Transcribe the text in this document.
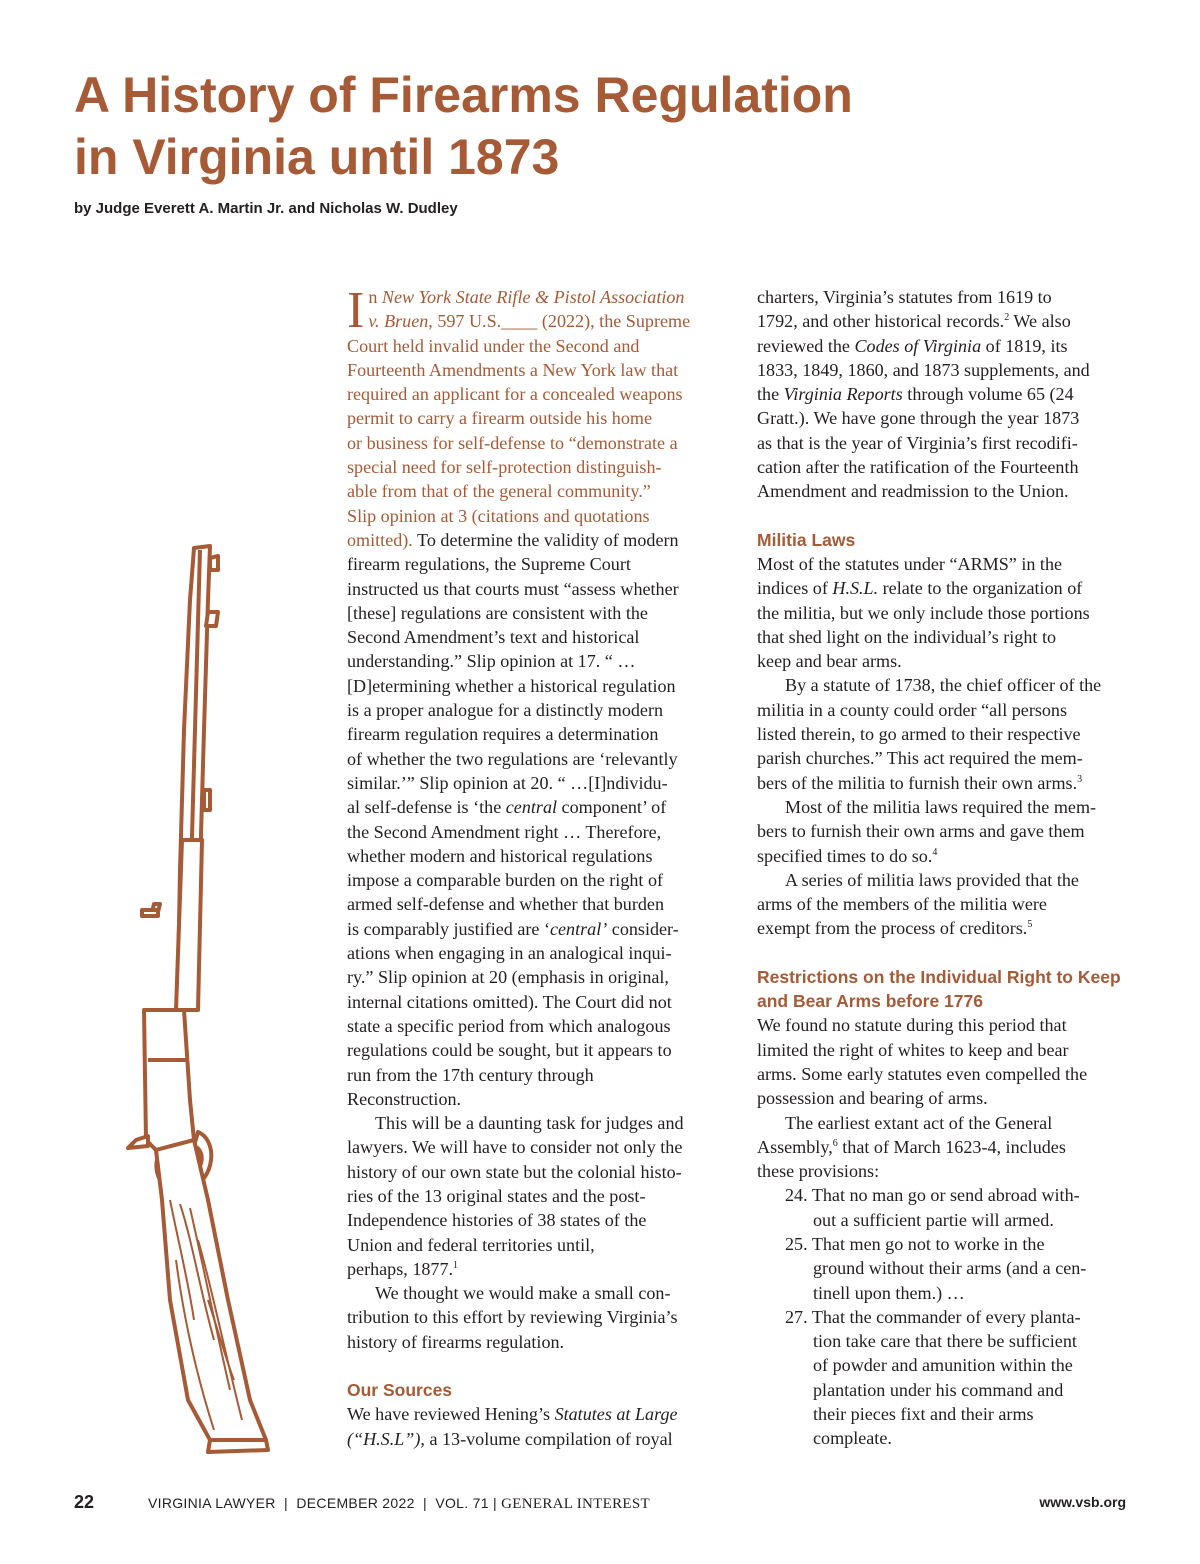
A History of Firearms Regulation
in Virginia until 1873
by Judge Everett A. Martin Jr. and Nicholas W. Dudley

I n New York State Rifle & Pistol Association
v. Bruen, 597 U.S.____ (2022), the Supreme
Court held invalid under the Second and
Fourteenth Amendments a New York law that
required an applicant for a concealed weapons
permit to carry a firearm outside his home
or business for self-defense to “demonstrate a
special need for self-protection distinguish-
able from that of the general community.”
Slip opinion at 3 (citations and quotations
omitted). To determine the validity of modern
firearm regulations, the Supreme Court
instructed us that courts must “assess whether
[these] regulations are consistent with the
Second Amendment’s text and historical
understanding.” Slip opinion at 17. “ …
[D]etermining whether a historical regulation
is a proper analogue for a distinctly modern
firearm regulation requires a determination
of whether the two regulations are ‘relevantly
similar.’” Slip opinion at 20. “ …[I]ndividu-
al self-defense is ‘the central component’ of
the Second Amendment right … Therefore,
whether modern and historical regulations
impose a comparable burden on the right of
armed self-defense and whether that burden
is comparably justified are ‘central’ consider-
ations when engaging in an analogical inqui-
ry.” Slip opinion at 20 (emphasis in original,
internal citations omitted). The Court did not
state a specific period from which analogous
regulations could be sought, but it appears to
run from the 17th century through
Reconstruction.

This will be a daunting task for judges and
lawyers. We will have to consider not only the
history of our own state but the colonial histo-
ries of the 13 original states and the post-
Independence histories of 38 states of the
Union and federal territories until,
perhaps, 1877.$^1$

We thought we would make a small con-
tribution to this effort by reviewing Virginia’s
history of firearms regulation.

Our Sources

We have reviewed Hening’s Statutes at Large
(“H.S.L”), a 13-volume compilation of royal

charters, Virginia’s statutes from 1619 to
1792, and other historical records.$^2$ We also
reviewed the Codes of Virginia of 1819, its
1833, 1849, 1860, and 1873 supplements, and
the Virginia Reports through volume 65 (24
Gratt.). We have gone through the year 1873
as that is the year of Virginia’s first recodifi-
cation after the ratification of the Fourteenth
Amendment and readmission to the Union.

Militia Laws

Most of the statutes under “ARMS” in the
indices of H.S.L. relate to the organization of
the militia, but we only include those portions
that shed light on the individual’s right to
keep and bear arms.

By a statute of 1738, the chief officer of the
militia in a county could order “all persons
listed therein, to go armed to their respective
parish churches.” This act required the mem-
bers of the militia to furnish their own arms.$^3$

Most of the militia laws required the mem-
bers to furnish their own arms and gave them
specified times to do so.$^4$

A series of militia laws provided that the
arms of the members of the militia were
exempt from the process of creditors.$^5$

Restrictions on the Individual Right to Keep
and Bear Arms before 1776

We found no statute during this period that
limited the right of whites to keep and bear
arms. Some early statutes even compelled the
possession and bearing of arms.

The earliest extant act of the General
Assembly,$^6$ that of March 1623-4, includes
these provisions:

24. That no man go or send abroad with-
out a sufficient partie will armed.
25. That men go not to worke in the
ground without their arms (and a cen-
tinell upon them.) …
27. That the commander of every planta-
tion take care that there be sufficient
of powder and amunition within the
plantation under his command and
their pieces fixt and their arms
compleate.
22	VIRGINIA LAWYER  |  DECEMBER 2022  |  VOL. 71 | GENERAL INTEREST	www.vsb.org
